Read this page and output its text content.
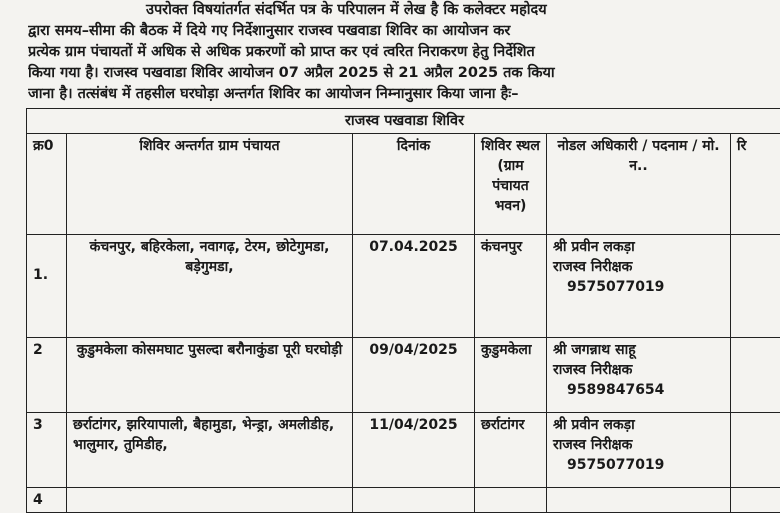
उपरोक्त विषयांतर्गत संदर्भित पत्र के परिपालन में लेख है कि कलेक्टर महोदय
द्वारा समय–सीमा की बैठक में दिये गए निर्देशानुसार राजस्व पखवाडा शिविर का आयोजन कर
प्रत्येक ग्राम पंचायतों में अधिक से अधिक प्रकरणों को प्राप्त कर एवं त्वरित निराकरण हेतु निर्देशित
किया गया है। राजस्व पखवाडा शिविर आयोजन 07 अप्रैल 2025 से 21 अप्रैल 2025 तक किया
जाना है। तत्संबंध में तहसील घरघोड़ा अन्तर्गत शिविर का आयोजन निम्नानुसार किया जाना हैः–
राजस्व पखवाडा शिविर					
क्र0	शिविर अन्तर्गत ग्राम पंचायत	दिनांक	शिविर स्थल (ग्राम पंचायत भवन)	नोडल अधिकारी / पदनाम / मो. न..	रि
1.	कंचनपुर, बहिरकेला, नवागढ़, टेरम, छोटेगुमडा, बड़ेगुमडा,	07.04.2025	कंचनपुर	श्री प्रवीन लकड़ा
राजस्व निरीक्षक
9575077019	

2	कुडुमकेला कोसमघाट पुसल्दा बरौनाकुंडा पूरी घरघोड़ी	09/04/2025	कुडुमकेला	श्री जगन्नाथ साहू
राजस्व निरीक्षक
9589847654	

3	छर्राटांगर, झरियापाली, बैहामुडा, भेन्ड्रा, अमलीडीह, भालुमार, तुमिडीह,	11/04/2025	छर्राटांगर	श्री प्रवीन लकड़ा
राजस्व निरीक्षक
9575077019	

4					
